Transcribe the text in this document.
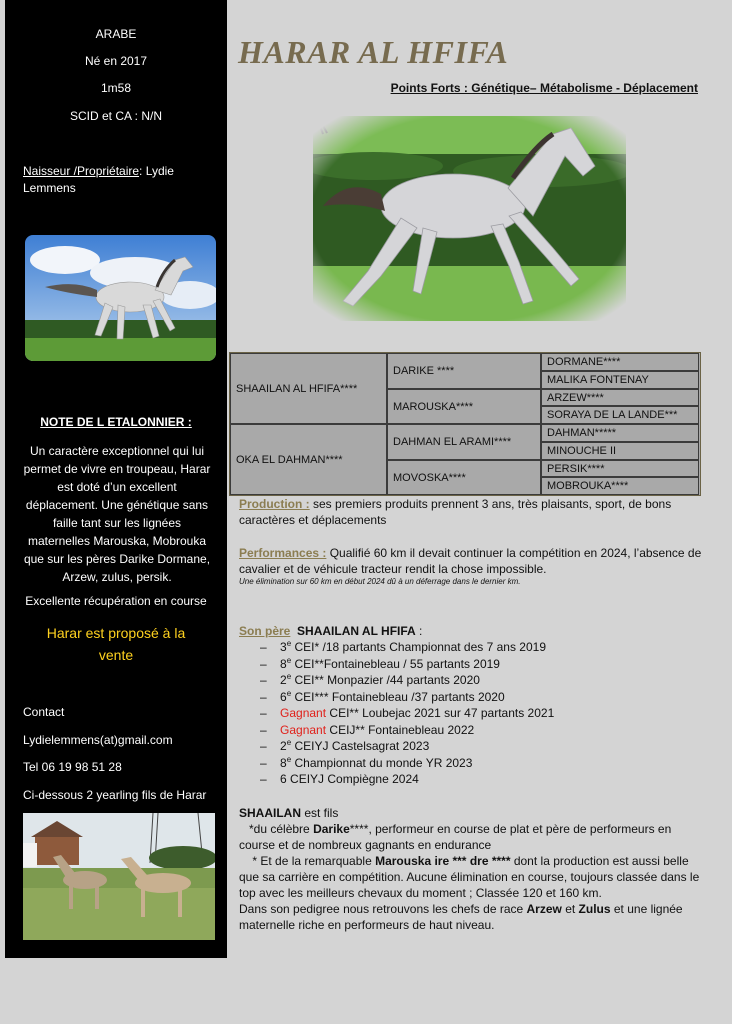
ARABE
Né en 2017
1m58
SCID et CA : N/N
Naisseur /Propriétaire: Lydie Lemmens
NOTE DE L ETALONNIER :
Un caractère exceptionnel qui lui permet de vivre en troupeau, Harar est doté d’un excellent déplacement. Une génétique sans faille tant sur les lignées maternelles Marouska, Mobrouka que sur les pères Darike Dormane, Arzew, zulus, persik.
Excellente récupération en course
Harar est proposé à la vente
Contact
Lydielemmens(at)gmail.com
Tel 06 19 98 51 28
Ci-dessous 2 yearling fils de Harar
HARAR AL HFIFA
Points Forts : Génétique– Métabolisme - Déplacement
SHAAILAN AL HFIFA****
OKA EL DAHMAN****
DARIKE ****
MAROUSKA****
DAHMAN EL ARAMI****
MOVOSKA****
DORMANE****
MALIKA FONTENAY
ARZEW****
SORAYA DE LA LANDE***
DAHMAN*****
MINOUCHE II
PERSIK****
MOBROUKA****
Production : ses premiers produits prennent 3 ans, très plaisants, sport, de bons caractères et déplacements
Performances : Qualifié 60 km il devait continuer la compétition en 2024, l’absence de cavalier et de véhicule tracteur rendit la chose impossible.
Une élimination sur 60 km en début 2024 dû à un déferrage dans le dernier km.
Son père SHAAILAN AL HFIFA :
– 3e CEI* /18 partants Championnat des 7 ans 2019
– 8e CEI**Fontainebleau / 55 partants 2019
– 2e CEI** Monpazier /44 partants 2020
– 6e CEI*** Fontainebleau /37 partants 2020
– Gagnant CEI** Loubejac 2021 sur 47 partants 2021
– Gagnant CEIJ** Fontainebleau 2022
– 2e CEIYJ Castelsagrat 2023
– 8e Championnat du monde YR 2023
– 6 CEIYJ Compiègne 2024
SHAAILAN est fils
*du célèbre Darike****, performeur en course de plat et père de performeurs en course et de nombreux gagnants en endurance
* Et de la remarquable Marouska ire *** dre **** dont la production est aussi belle que sa carrière en compétition. Aucune élimination en course, toujours classée dans le top avec les meilleurs chevaux du moment ; Classée 120 et 160 km.
Dans son pedigree nous retrouvons les chefs de race Arzew et Zulus et une lignée maternelle riche en performeurs de haut niveau.
